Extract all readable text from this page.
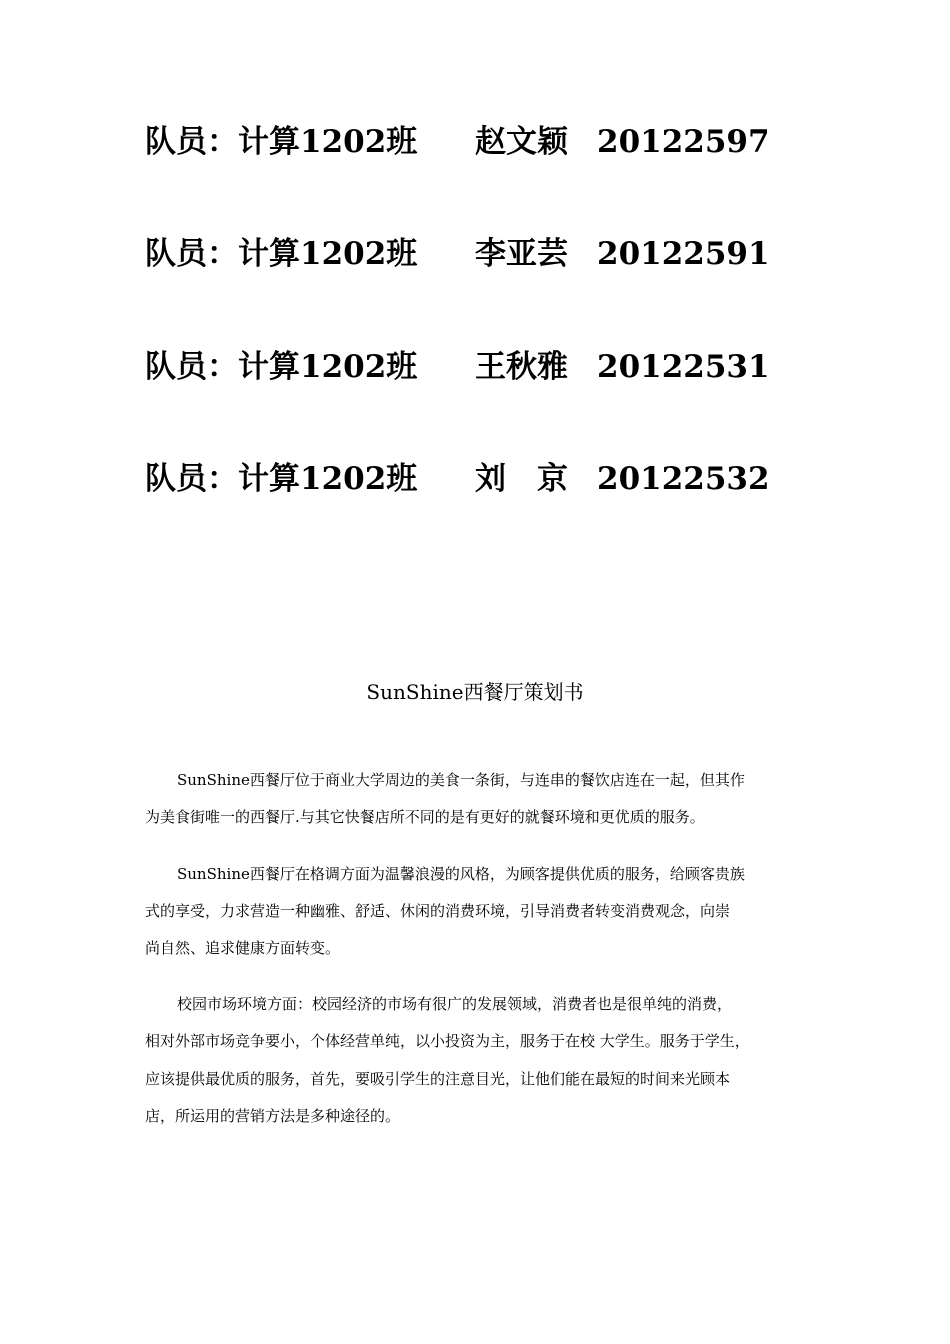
队员：计算1202班 赵文颖 20122597
队员：计算1202班 李亚芸 20122591
队员：计算1202班 王秋雅 20122531
队员：计算1202班 刘　京 20122532
SunShine西餐厅策划书
SunShine西餐厅位于商业大学周边的美食一条街，与连串的餐饮店连在一起，但其作
为美食街唯一的西餐厅.与其它快餐店所不同的是有更好的就餐环境和更优质的服务。
SunShine西餐厅在格调方面为温馨浪漫的风格，为顾客提供优质的服务，给顾客贵族
式的享受，力求营造一种幽雅、舒适、休闲的消费环境，引导消费者转变消费观念，向崇
尚自然、追求健康方面转变。
校园市场环境方面：校园经济的市场有很广的发展领域，消费者也是很单纯的消费，
相对外部市场竞争要小，个体经营单纯，以小投资为主，服务于在校 大学生。服务于学生，
应该提供最优质的服务，首先，要吸引学生的注意目光，让他们能在最短的时间来光顾本
店，所运用的营销方法是多种途径的。
